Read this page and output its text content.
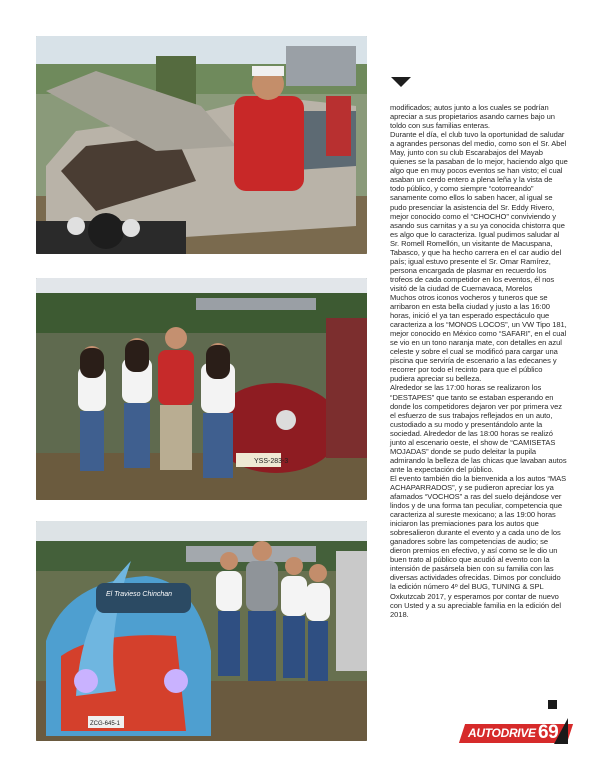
YSS-283-3
El Travieso Chinchan
ZCG-645-1

modificados; autos junto a los cuales se podrían apreciar a sus propietarios asando carnes bajo un toldo con sus familias enteras.

Durante el día, el club tuvo la oportunidad de saludar a agrandes personas del medio, como son el Sr. Abel May, junto con su club Escarabajos del Mayab quienes se la pasaban de lo mejor, haciendo algo que algo que en muy pocos eventos se han visto; el cual asaban un cerdo entero a plena leña y la vista de todo público, y como siempre “cotorreando” sanamente como ellos lo saben hacer, al igual se pudo presenciar la asistencia del Sr. Eddy Rivero, mejor conocido como el “CHOCHO” conviviendo y asando sus carnitas y a su ya conocida chistorra que es algo que lo caracteriza. Igual pudimos saludar al Sr. Romell Romellón, un visitante de Macuspana, Tabasco, y que ha hecho carrera en el car audio del país; igual estuvo presente el Sr. Omar Ramírez, persona encargada de plasmar en recuerdo los trofeos de cada competidor en los eventos, él nos visitó de la ciudad de Cuernavaca, Morelos

Muchos otros iconos vocheros y tuneros que se arribaron en esta bella ciudad y justo a las 16:00 horas, inició el ya tan esperado espectáculo que caracteriza a los “MONOS LOCOS”, un VW Tipo 181, mejor conocido en México como “SAFARI”, en el cual se vio en un tono naranja mate, con detalles en azul celeste y sobre el cual se modificó para cargar una piscina que serviría de escenario a las edecanes y recorrer por todo el recinto para que el público pudiera apreciar su belleza.

Alrededor se las 17:00 horas se realizaron los “DESTAPES” que tanto se estaban esperando en donde los competidores dejaron ver por primera vez el esfuerzo de sus trabajos reflejados en un auto, custodiado a su modo y presentándolo ante la sociedad. Alrededor de las 18:00 horas se realizó junto al escenario oeste, el show de “CAMISETAS MOJADAS” donde se pudo deleitar la pupila admirando la belleza de las chicas que lavaban autos ante la expectación del público.

El evento también dio la bienvenida a los autos “MAS ACHAPARRADOS”, y se pudieron apreciar los ya afamados “VOCHOS” a ras del suelo dejándose ver lindos y de una forma tan peculiar, competencia que caracteriza al sureste mexicano; a las 19:00 horas iniciaron las premiaciones para los autos que sobresalieron durante el evento y a cada uno de los ganadores sobre las competencias de audio; se dieron premios en efectivo, y así como se le dio un buen trato al público que acudió al evento con la intensión de pasársela bien con su familia con las diversas actividades ofrecidas. Dimos por concluido la edición número 4º del BUG, TUNING & SPL Oxkutzcab 2017, y esperamos por contar de nuevo con Usted y a su apreciable familia en la edición del 2018.

AUTODRIVE 69
